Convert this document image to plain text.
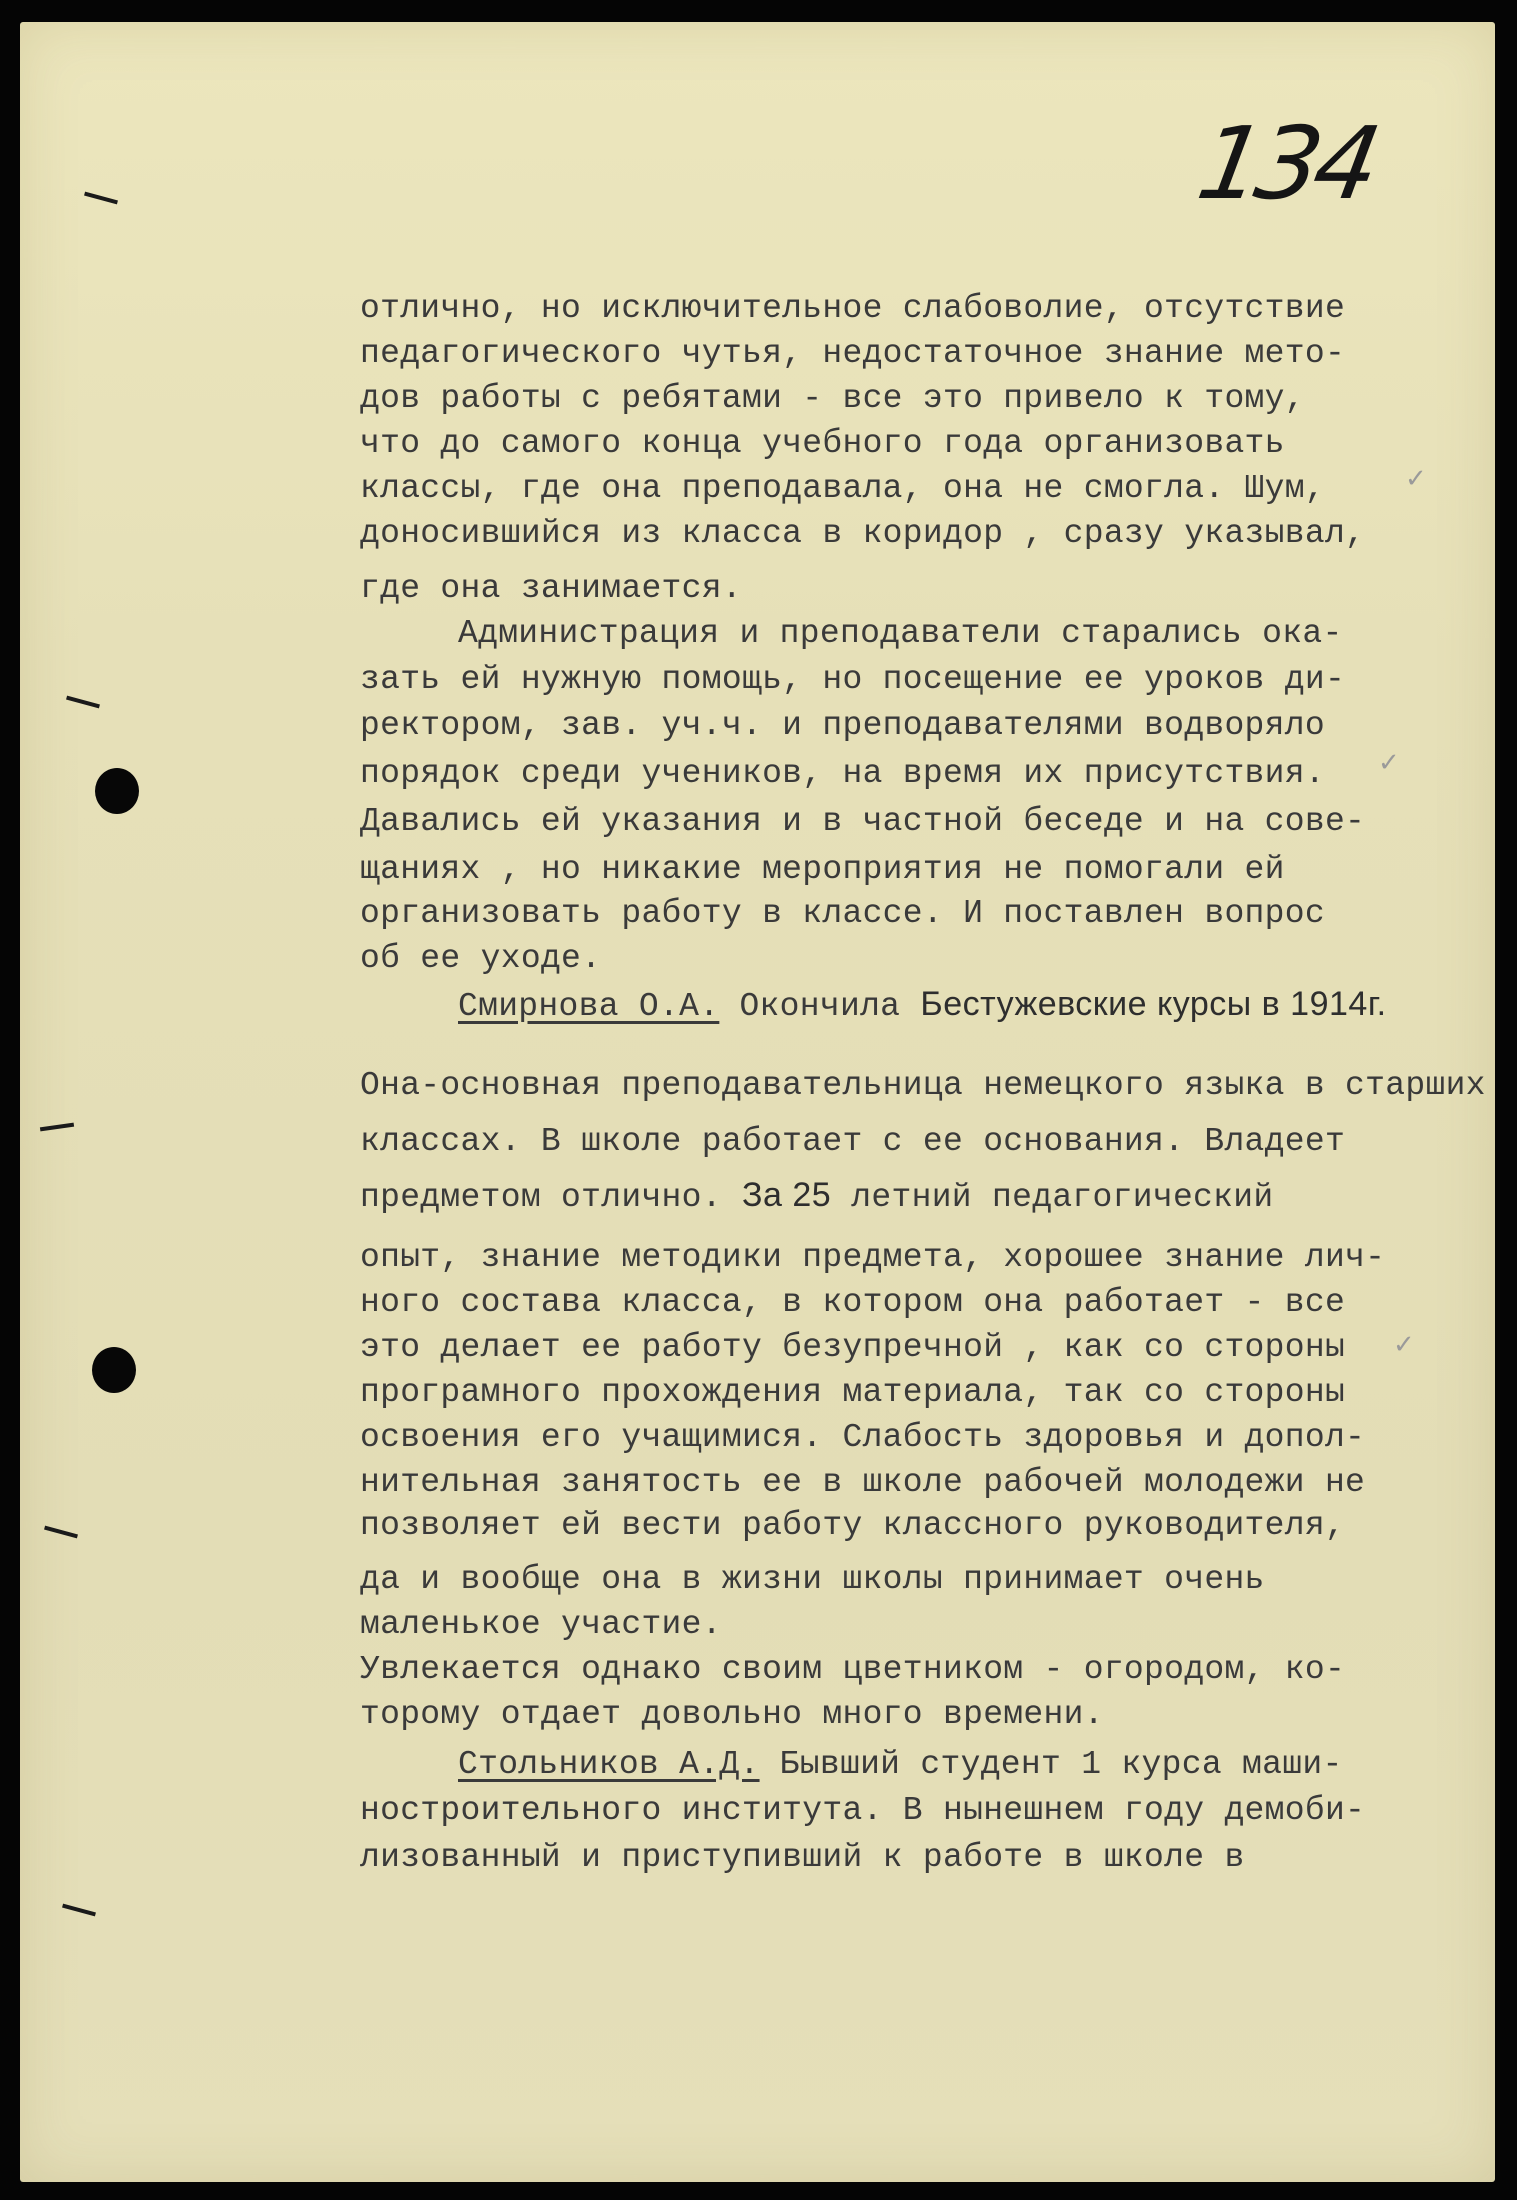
134
✓
✓
✓

отлично, но исключительное слабоволие, отсутствие

педагогического чутья, недостаточное знание мето-

дов работы с ребятами - все это привело к тому,

что до самого конца учебного года организовать

классы, где она преподавала, она не смогла. Шум,

доносившийся из класса в коридор , сразу указывал,

где она занимается.

Администрация и преподаватели старались ока-

зать ей нужную помощь, но посещение ее уроков ди-

ректором, зав. уч.ч. и преподавателями водворяло

порядок среди учеников, на время их присутствия.

Давались ей указания и в частной беседе и на сове-

щаниях , но никакие мероприятия не помогали ей

организовать работу в классе. И поставлен вопрос

об ее уходе.

Смирнова О.А. Окончила Бестужевские курсы в 1914г.

Она-основная преподавательница немецкого языка в старших

классах. В школе работает с ее основания. Владеет

предметом отлично. За 25 летний педагогический

опыт, знание методики предмета, хорошее знание лич-

ного состава класса, в котором она работает - все

это делает ее работу безупречной , как со стороны

програмного прохождения материала, так со стороны

освоения его учащимися. Слабость здоровья и допол-

нительная занятость ее в школе рабочей молодежи не

позволяет ей вести работу классного руководителя,

да и вообще она в жизни школы принимает очень

маленькое участие.

Увлекается однако своим цветником - огородом, ко-

торому отдает довольно много времени.

Стольников А.Д. Бывший студент 1 курса маши-

ностроительного института. В нынешнем году демоби-

лизованный и приступивший к работе в школе в
